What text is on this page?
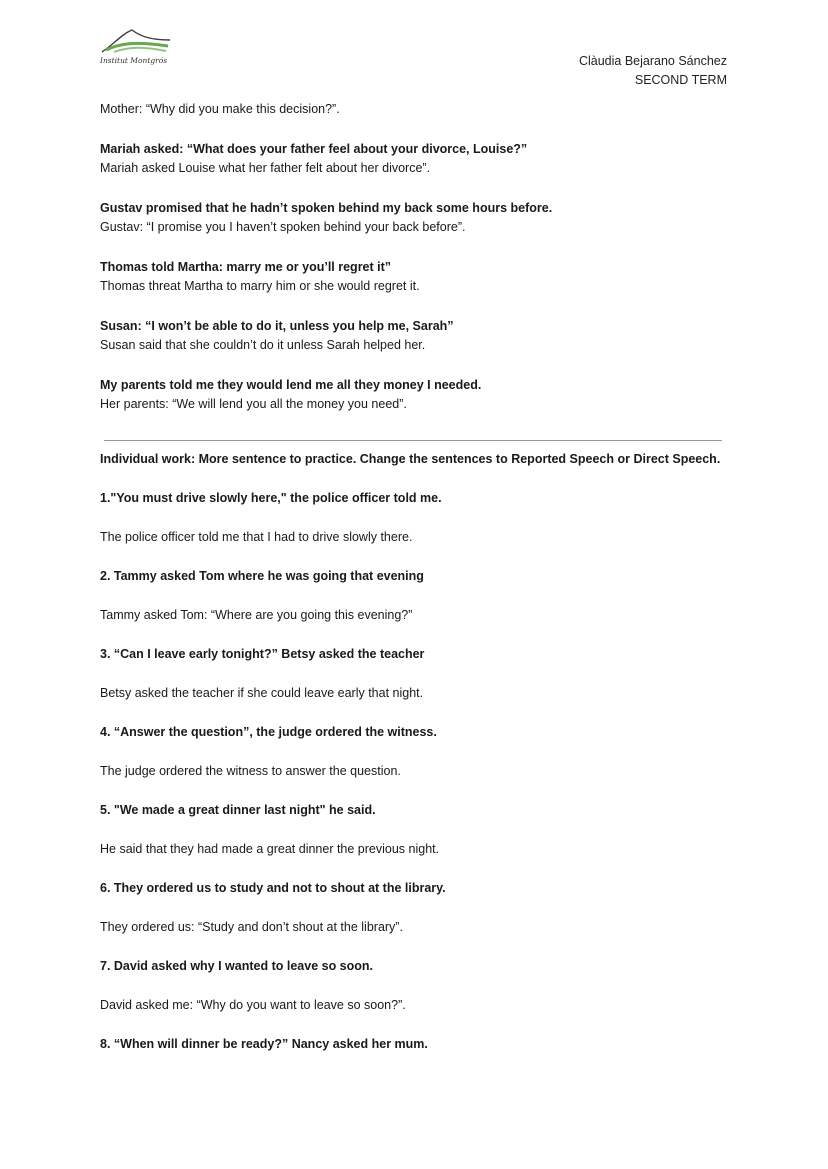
Institut Montgrós	Clàudia Bejarano Sánchez
SECOND TERM
Mother: “Why did you make this decision?”.
Mariah asked: “What does your father feel about your divorce, Louise?”
Mariah asked Louise what her father felt about her divorce”.
Gustav promised that he hadn’t spoken behind my back some hours before.
Gustav: “I promise you I haven’t spoken behind your back before”.
Thomas told Martha: marry me or you’ll regret it”
Thomas threat Martha to marry him or she would regret it.
Susan: “I won’t be able to do it, unless you help me, Sarah”
Susan said that she couldn’t do it unless Sarah helped her.
My parents told me they would lend me all they money I needed.
Her parents: “We will lend you all the money you need”.
Individual work: More sentence to practice. Change the sentences to Reported Speech or Direct Speech.
1."You must drive slowly here," the police officer told me.
The police officer told me that I had to drive slowly there.
2. Tammy asked Tom where he was going that evening
Tammy asked Tom: “Where are you going this evening?”
3. “Can I leave early tonight?” Betsy asked the teacher
Betsy asked the teacher if she could leave early that night.
4. “Answer the question”, the judge ordered the witness.
The judge ordered the witness to answer the question.
5. "We made a great dinner last night" he said.
He said that they had made a great dinner the previous night.
6. They ordered us to study and not to shout at the library.
They ordered us: “Study and don’t shout at the library”.
7. David asked why I wanted to leave so soon.
David asked me: “Why do you want to leave so soon?”.
8. “When will dinner be ready?” Nancy asked her mum.
